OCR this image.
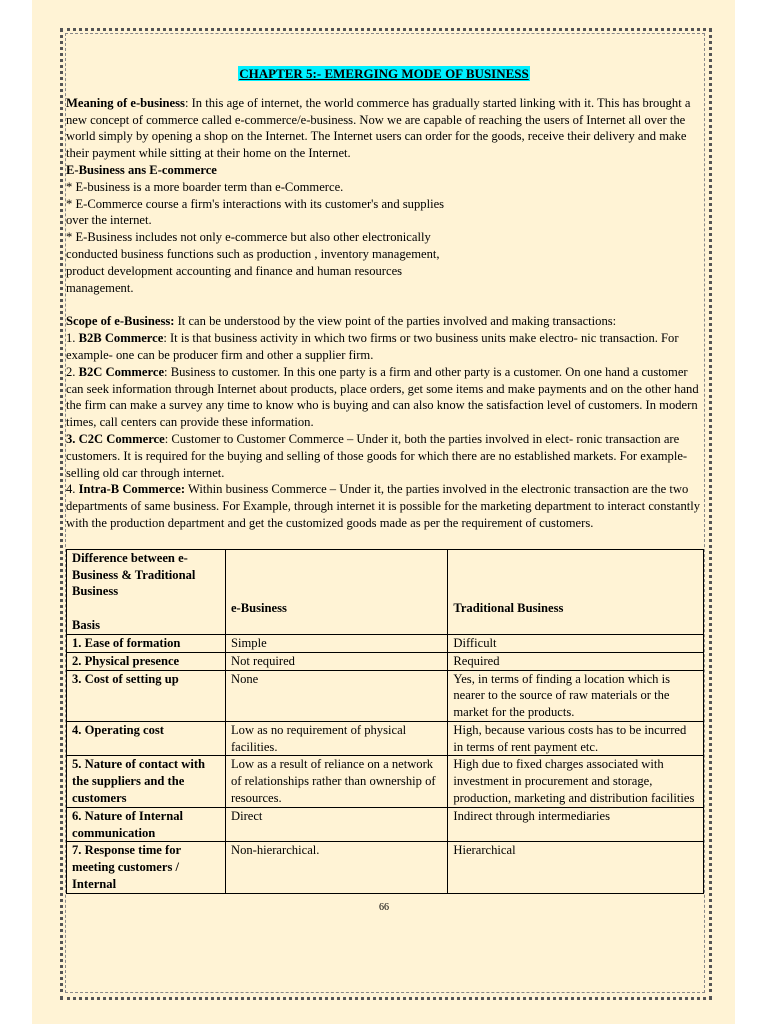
CHAPTER 5:- EMERGING MODE OF BUSINESS

Meaning of e-business: In this age of internet, the world commerce has gradually started linking with it. This has brought a new concept of commerce called e-commerce/e-business. Now we are capable of reaching the users of Internet all over the world simply by opening a shop on the Internet. The Internet users can order for the goods, receive their delivery and make their payment while sitting at their home on the Internet.

E-Business ans E-commerce

* E-business is a more boarder term than e-Commerce.

* E-Commerce course a firm's interactions with its customer's and supplies over the internet.

* E-Business includes not only e-commerce but also other electronically conducted business functions such as production , inventory management, product development accounting and finance and human resources management.

Scope of e-Business: It can be understood by the view point of the parties involved and making transactions:

1. B2B Commerce: It is that business activity in which two firms or two business units make electro- nic transaction. For example- one can be producer firm and other a supplier firm.

2. B2C Commerce: Business to customer. In this one party is a firm and other party is a customer. On one hand a customer can seek information through Internet about products, place orders, get some items and make payments and on the other hand the firm can make a survey any time to know who is buying and can also know the satisfaction level of customers. In modern times, call centers can provide these information.

3. C2C Commerce: Customer to Customer Commerce – Under it, both the parties involved in elect- ronic transaction are customers. It is required for the buying and selling of those goods for which there are no established markets. For example- selling old car through internet.

4. Intra-B Commerce: Within business Commerce – Under it, the parties involved in the electronic transaction are the two departments of same business. For Example, through internet it is possible for the marketing department to interact constantly with the production department and get the customized goods made as per the requirement of customers.

Difference between e-Business & Traditional Business
Basis	e-Business	Traditional Business
1. Ease of formation	Simple	Difficult
2. Physical presence	Not required	Required
3. Cost of setting up	None	Yes, in terms of finding a location which is nearer to the source of raw materials or the market for the products.
4. Operating cost	Low as no requirement of physical facilities.	High, because various costs has to be incurred in terms of rent payment etc.
5. Nature of contact with the suppliers and the customers	Low as a result of reliance on a network of relationships rather than ownership of resources.	High due to fixed charges associated with investment in procurement and storage, production, marketing and distribution facilities
6. Nature of Internal communication	Direct	Indirect through intermediaries
7. Response time for meeting customers / Internal	Non-hierarchical.	Hierarchical
66
